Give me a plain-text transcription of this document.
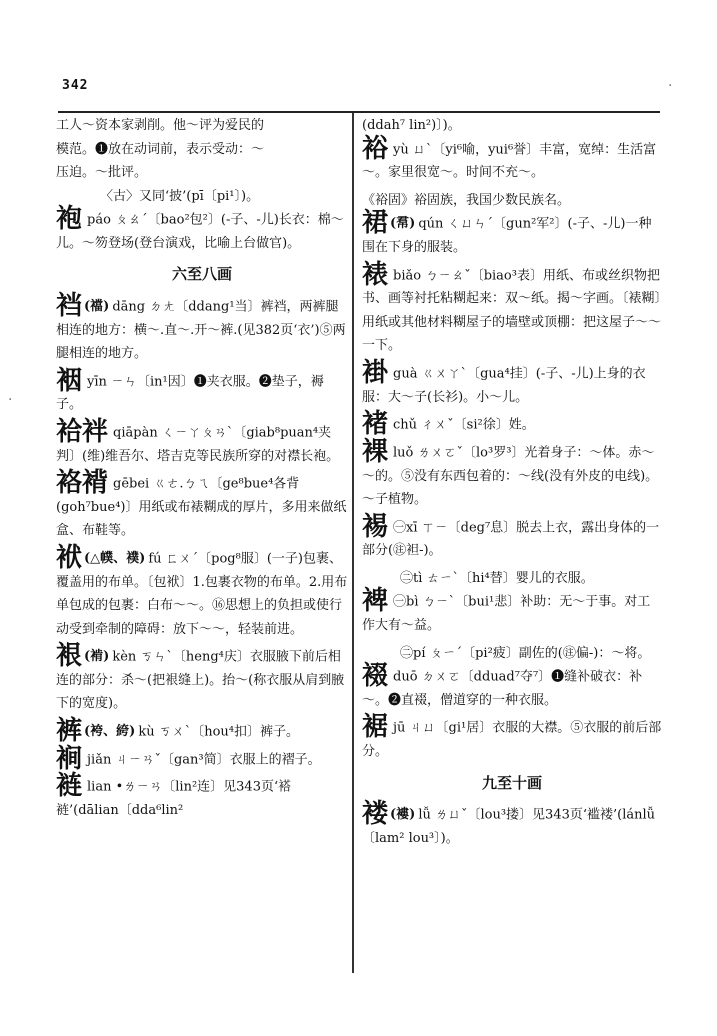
342	·
·

工人～资本家剥削。他～评为爱民的

模范。❶放在动词前，表示受动：～

压迫。～批评。

〈古〉又同‘披’(pī〔pi¹〕)。

袍páo ㄆㄠˊ〔bao²包²〕(-子、-儿)长衣：棉～儿。～笏登场(登台演戏，比喻上台做官)。
六至八画
裆 (襠) dāng ㄉㄤ〔ddang¹当〕裤裆，两裤腿相连的地方：横～.直～.开～裤.(见382页‘衣’)⑤两腿相连的地方。
裀yīn ㄧㄣ〔in¹因〕❶夹衣服。❷垫子，褥子。
袷袢 qiāpàn ㄑㄧㄚㄆㄢˋ〔giab⁸puan⁴夹判〕(维)维吾尔、塔吉克等民族所穿的对襟长袍。
袼褙 gēbei ㄍㄜ.ㄅㄟ〔ge⁸bue⁴各背(goh⁷bue⁴)〕用纸或布裱糊成的厚片，多用来做纸盒、布鞋等。
袱 (△幞、襆) fú ㄈㄨˊ〔pog⁸服〕(一子)包裹、覆盖用的布单。〔包袱〕1.包裹衣物的布单。2.用布单包成的包裹：白布～～。⑯思想上的负担或使行动受到牵制的障碍：放下～～，轻装前进。
裉 (褃) kèn ㄎㄣˋ〔heng⁴庆〕衣服腋下前后相连的部分：杀～(把裉缝上)。抬～(称衣服从肩到腋下的宽度)。
裤 (袴、絝) kù ㄎㄨˋ〔hou⁴扣〕裤子。
裥jiǎn ㄐㄧㄢˇ〔gan³简〕衣服上的褶子。
裢lian •ㄌㄧㄢ〔lin²连〕见343页‘褡裢’(dālian〔dda⁶lin²

(ddah⁷ lin²)〕)。

裕yù ㄩˋ〔yi⁶喻，yui⁶誉〕丰富，宽绰：生活富～。家里很宽～。时间不充～。

《裕固》裕固族，我国少数民族名。

裙 (帬) qún ㄑㄩㄣˊ〔gun²军²〕(-子、-儿)一种围在下身的服装。
裱biǎo ㄅㄧㄠˇ〔biao³表〕用纸、布或丝织物把书、画等衬托粘糊起来：双～纸。揭～字画。〔裱糊〕用纸或其他材料糊屋子的墙壁或顶棚：把这屋子～～一下。
褂guà ㄍㄨㄚˋ〔gua⁴挂〕(-子、-儿)上身的衣服：大～子(长衫)。小～儿。
褚chǔ ㄔㄨˇ〔si²徐〕姓。
裸luǒ ㄌㄨㄛˇ〔lo³罗³〕光着身子：～体。赤～～的。⑤没有东西包着的：～线(没有外皮的电线)。～子植物。
裼 ㊀xī ㄒㄧ〔deg⁷息〕脱去上衣，露出身体的一部分(㊟袒-)。

㊁tì ㄊㄧˋ〔hi⁴替〕婴儿的衣服。

裨 ㊀bì ㄅㄧˋ〔bui¹悲〕补助：无～于事。对工作大有～益。

㊁pí ㄆㄧˊ〔pi²疲〕副佐的(㊟偏-)：～将。

裰duō ㄉㄨㄛ〔dduad⁷夺⁷〕❶缝补破衣：补～。❷直裰，僧道穿的一种衣服。
裾jū ㄐㄩ〔gi¹居〕衣服的大襟。⑤衣服的前后部分。
九至十画
褛 (褸) lǚ ㄌㄩˇ〔lou³搂〕见343页‘褴褛’(lánlǚ〔lam² lou³〕)。
